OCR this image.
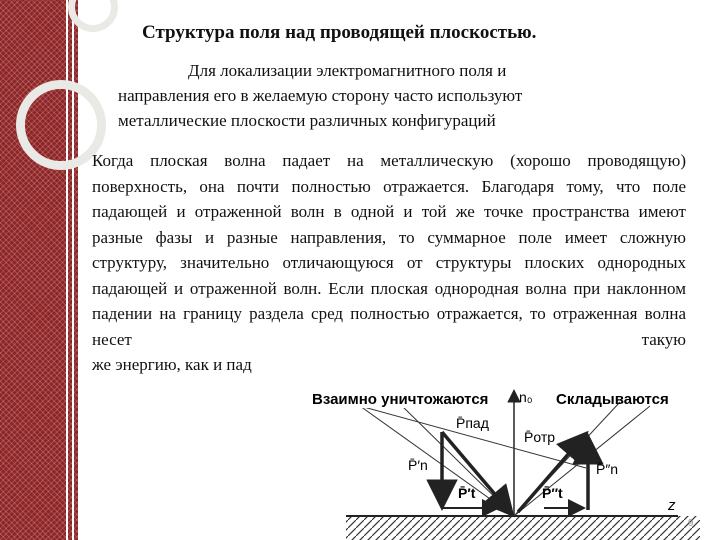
Структура поля над проводящей плоскостью.
Для локализации электромагнитного поля и
направления его в желаемую сторону часто используют
металлические плоскости различных конфигураций
Когда плоская волна падает на металлическую (хорошо проводящую) поверхность, она почти полностью отражается. Благодаря тому, что поле падающей и отраженной волн в одной и той же точке пространства имеют разные фазы и разные направления, то суммарное поле имеет сложную структуру, значительно отличающуюся от структуры плоских однородных падающей и отраженной волн. Если плоская однородная волна при наклонном падении на границу раздела сред полностью отражается, то отраженная волна несет такую
же энергию, как и пад
z
n₀
Взаимно уничтожаются	Складываются
P̄пад
P̄отр
P̄′n
P̄′t	P̄″t
P̄″n
9
